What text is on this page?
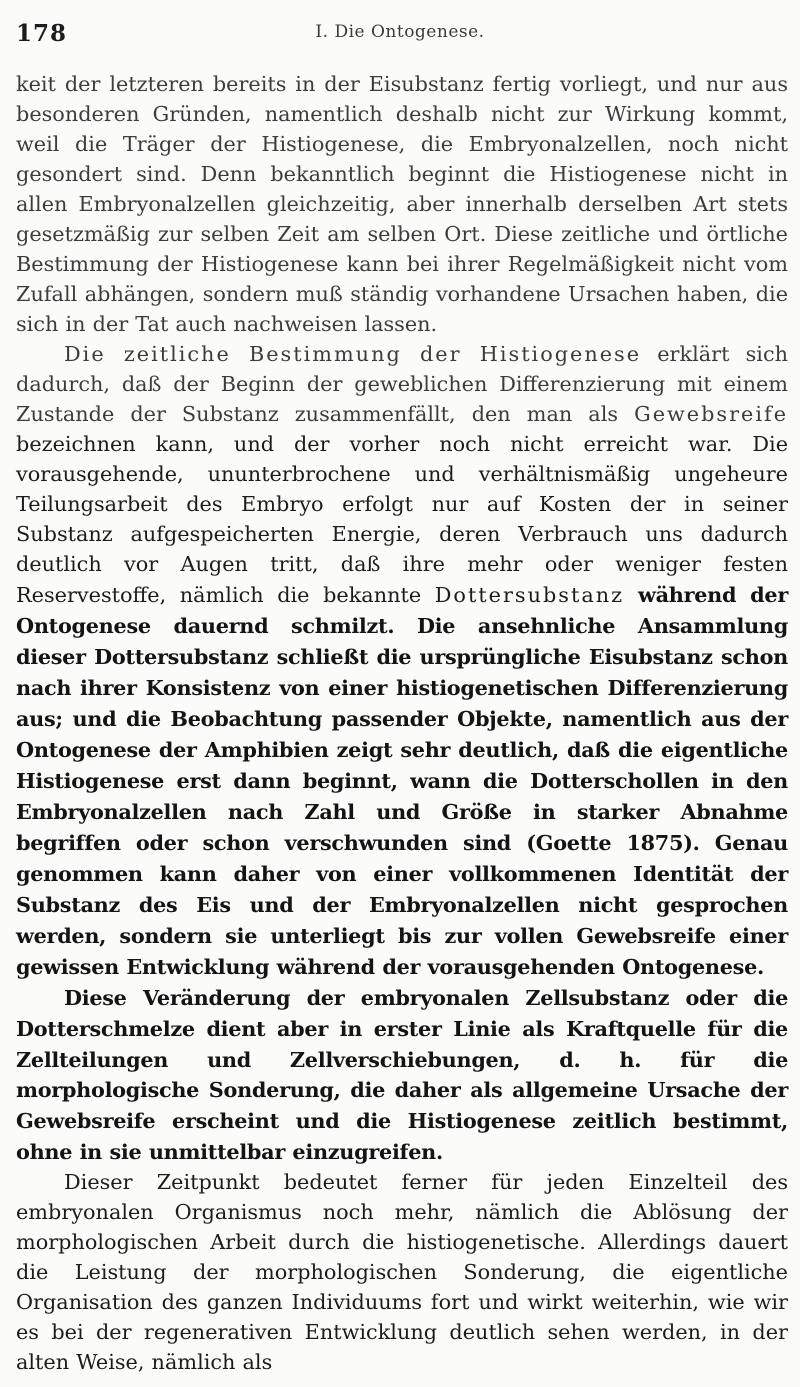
178	I. Die Ontogenese.

keit der letzteren bereits in der Eisubstanz fertig vorliegt, und nur aus besonderen Gründen, namentlich deshalb nicht zur Wirkung kommt, weil die Träger der Histiogenese, die Embryonalzellen, noch nicht gesondert sind. Denn bekanntlich beginnt die Histiogenese nicht in allen Embryonalzellen gleichzeitig, aber innerhalb derselben Art stets gesetzmäßig zur selben Zeit am selben Ort. Diese zeitliche und örtliche Bestimmung der Histiogenese kann bei ihrer Regelmäßigkeit nicht vom Zufall abhängen, sondern muß ständig vorhandene Ursachen haben, die sich in der Tat auch nachweisen lassen.

Die zeitliche Bestimmung der Histiogenese erklärt sich dadurch, daß der Beginn der geweblichen Differenzierung mit einem Zustande der Substanz zusammenfällt, den man als Gewebsreife bezeichnen kann, und der vorher noch nicht erreicht war. Die vorausgehende, ununterbrochene und verhältnismäßig ungeheure Teilungsarbeit des Embryo erfolgt nur auf Kosten der in seiner Substanz aufgespeicherten Energie, deren Verbrauch uns dadurch deutlich vor Augen tritt, daß ihre mehr oder weniger festen Reservestoffe, nämlich die bekannte Dottersubstanz während der Ontogenese dauernd schmilzt. Die ansehnliche Ansammlung dieser Dottersubstanz schließt die ursprüngliche Eisubstanz schon nach ihrer Konsistenz von einer histiogenetischen Differenzierung aus; und die Beobachtung passender Objekte, namentlich aus der Ontogenese der Amphibien zeigt sehr deutlich, daß die eigentliche Histiogenese erst dann beginnt, wann die Dotterschollen in den Embryonalzellen nach Zahl und Größe in starker Abnahme begriffen oder schon verschwunden sind (Goette 1875). Genau genommen kann daher von einer vollkommenen Identität der Substanz des Eis und der Embryonalzellen nicht gesprochen werden, sondern sie unterliegt bis zur vollen Gewebsreife einer gewissen Entwicklung während der vorausgehenden Ontogenese.

Diese Veränderung der embryonalen Zellsubstanz oder die Dotterschmelze dient aber in erster Linie als Kraftquelle für die Zellteilungen und Zellverschiebungen, d. h. für die morphologische Sonderung, die daher als allgemeine Ursache der Gewebsreife erscheint und die Histiogenese zeitlich bestimmt, ohne in sie unmittelbar einzugreifen.

Dieser Zeitpunkt bedeutet ferner für jeden Einzelteil des embryonalen Organismus noch mehr, nämlich die Ablösung der morphologischen Arbeit durch die histiogenetische. Allerdings dauert die Leistung der morphologischen Sonderung, die eigentliche Organisation des ganzen Individuums fort und wirkt weiterhin, wie wir es bei der regenerativen Entwicklung deutlich sehen werden, in der alten Weise, nämlich als
